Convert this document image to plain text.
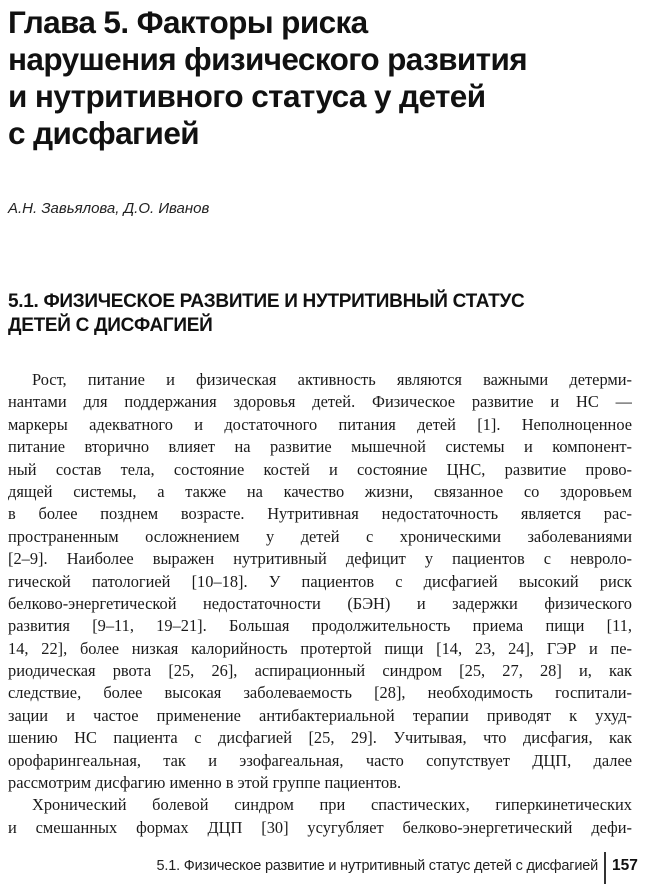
Глава 5. Факторы риска
нарушения физического развития
и нутритивного статуса у детей
с дисфагией
А.Н. Завьялова, Д.О. Иванов
5.1. ФИЗИЧЕСКОЕ РАЗВИТИЕ И НУТРИТИВНЫЙ СТАТУС
ДЕТЕЙ С ДИСФАГИЕЙ
Рост, питание и физическая активность являются важными детерми-
нантами для поддержания здоровья детей. Физическое развитие и НС —
маркеры адекватного и достаточного питания детей [1]. Неполноценное
питание вторично влияет на развитие мышечной системы и компонент-
ный состав тела, состояние костей и состояние ЦНС, развитие прово-
дящей системы, а также на качество жизни, связанное со здоровьем
в более позднем возрасте. Нутритивная недостаточность является рас-
пространенным осложнением у детей с хроническими заболеваниями
[2–9]. Наиболее выражен нутритивный дефицит у пациентов с невроло-
гической патологией [10–18]. У пациентов с дисфагией высокий риск
белково-энергетической недостаточности (БЭН) и задержки физического
развития [9–11, 19–21]. Большая продолжительность приема пищи [11,
14, 22], более низкая калорийность протертой пищи [14, 23, 24], ГЭР и пе-
риодическая рвота [25, 26], аспирационный синдром [25, 27, 28] и, как
следствие, более высокая заболеваемость [28], необходимость госпитали-
зации и частое применение антибактериальной терапии приводят к ухуд-
шению НС пациента с дисфагией [25, 29]. Учитывая, что дисфагия, как
орофарингеальная, так и эзофагеальная, часто сопутствует ДЦП, далее
рассмотрим дисфагию именно в этой группе пациентов.
Хронический болевой синдром при спастических, гиперкинетических
и смешанных формах ДЦП [30] усугубляет белково-энергетический дефи-
5.1. Физическое развитие и нутритивный статус детей с дисфагией 157
